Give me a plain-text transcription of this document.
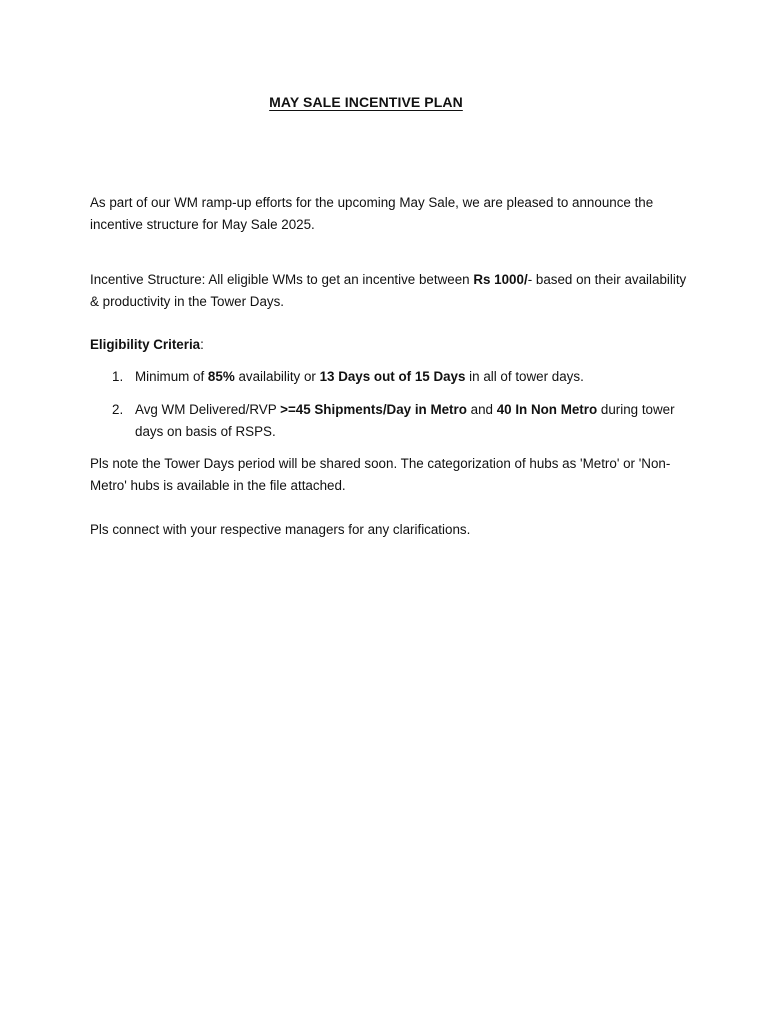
MAY SALE INCENTIVE PLAN

As part of our WM ramp-up efforts for the upcoming May Sale, we are pleased to announce the incentive structure for May Sale 2025.

Incentive Structure: All eligible WMs to get an incentive between Rs 1000/- based on their availability & productivity in the Tower Days.

Eligibility Criteria:

1. Minimum of 85% availability or 13 Days out of 15 Days in all of tower days.
2. Avg WM Delivered/RVP >=45 Shipments/Day in Metro and 40 In Non Metro during tower days on basis of RSPS.

Pls note the Tower Days period will be shared soon. The categorization of hubs as 'Metro' or 'Non-Metro' hubs is available in the file attached.

Pls connect with your respective managers for any clarifications.
